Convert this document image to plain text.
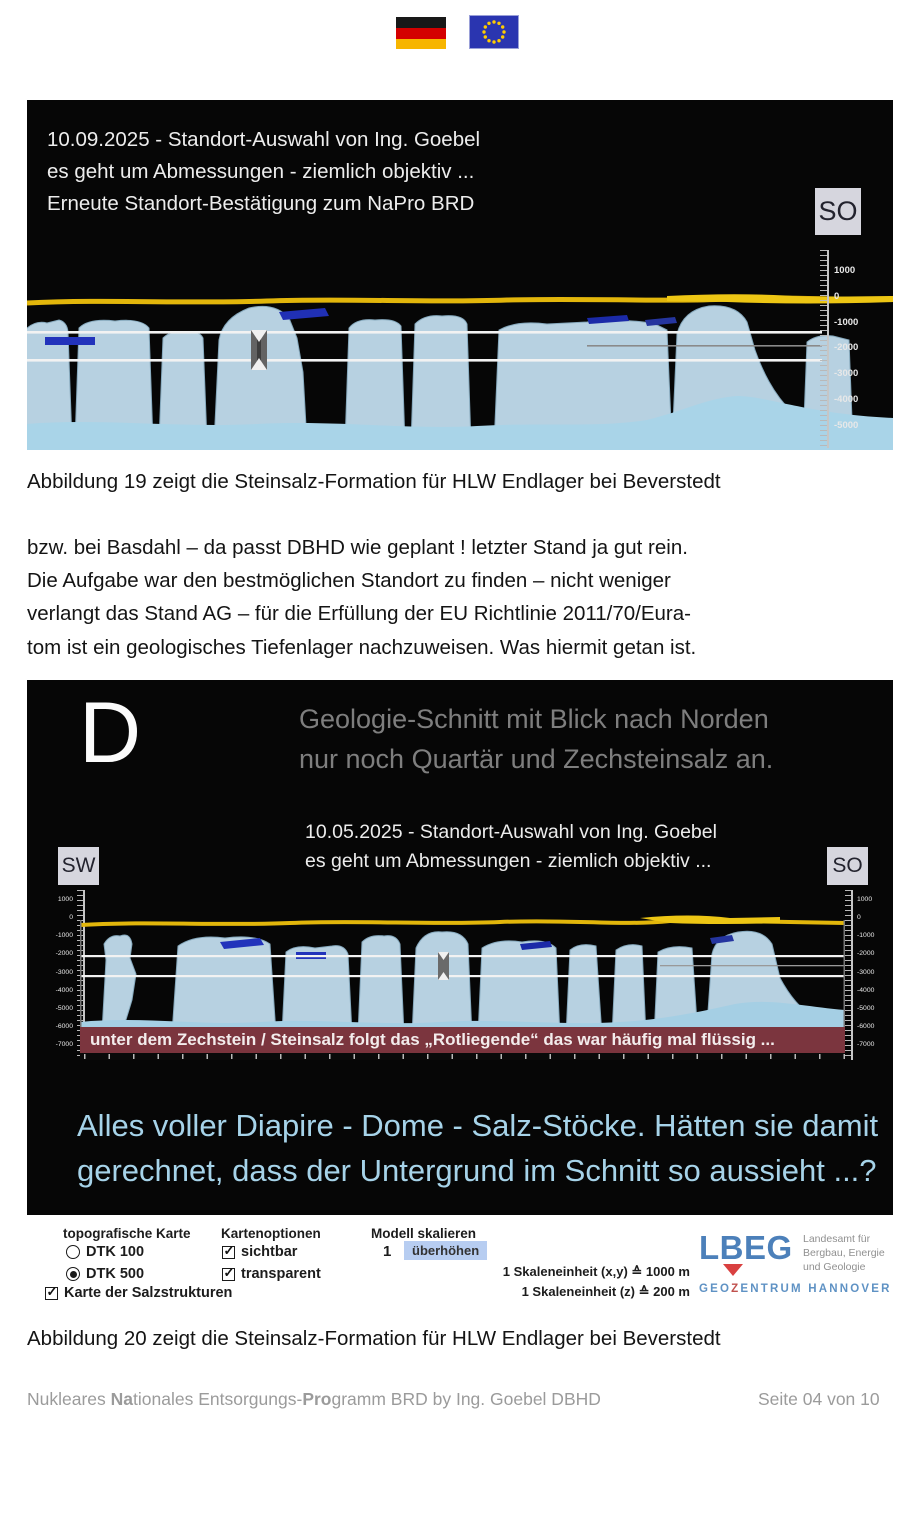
10.09.2025 - Standort-Auswahl von Ing. Goebel
es geht um Abmessungen - ziemlich objektiv ...
Erneute Standort-Bestätigung zum NaPro BRD	SO
1000
0
-1000
-2000
-3000
-4000
-5000
Abbildung 19 zeigt die Steinsalz-Formation für HLW Endlager bei Beverstedt
bzw. bei Basdahl – da passt DBHD wie geplant ! letzter Stand ja gut rein.
Die Aufgabe war den bestmöglichen Standort zu finden – nicht weniger
verlangt das Stand AG – für die Erfüllung der EU Richtlinie 2011/70/Eura-
tom ist ein geologisches Tiefenlager nachzuweisen. Was hiermit getan ist.
D	Geologie-Schnitt mit Blick nach Norden
nur noch Quartär und Zechsteinsalz an.
10.05.2025 - Standort-Auswahl von Ing. Goebel
es geht um Abmessungen - ziemlich objektiv ...
SW	SO
1000
0
-1000
-2000
-3000
-4000
-5000
-6000
-7000
1000
0
-1000
-2000
-3000
-4000
-5000
-6000
-7000
unter dem Zechstein / Steinsalz folgt das „Rotliegende“ das war häufig mal flüssig ...
Alles voller Diapire - Dome - Salz-Stöcke. Hätten sie damit
gerechnet, dass der Untergrund im Schnitt so aussieht ...?
topografische Karte
DTK 100
DTK 500
✓
Karte der Salzstrukturen
Kartenoptionen
✓
sichtbar
✓
transparent
Modell skalieren
1	überhöhen
1 Skaleneinheit (x,y) ≙ 1000 m
1 Skaleneinheit (z) ≙ 200 m
LBEG Landesamt für
Bergbau, Energie
und Geologie
GEOZENTRUM HANNOVER
Abbildung 20 zeigt die Steinsalz-Formation für HLW Endlager bei Beverstedt
Nukleares Nationales Entsorgungs-Programm BRD by Ing. Goebel DBHD	Seite 04 von 10
